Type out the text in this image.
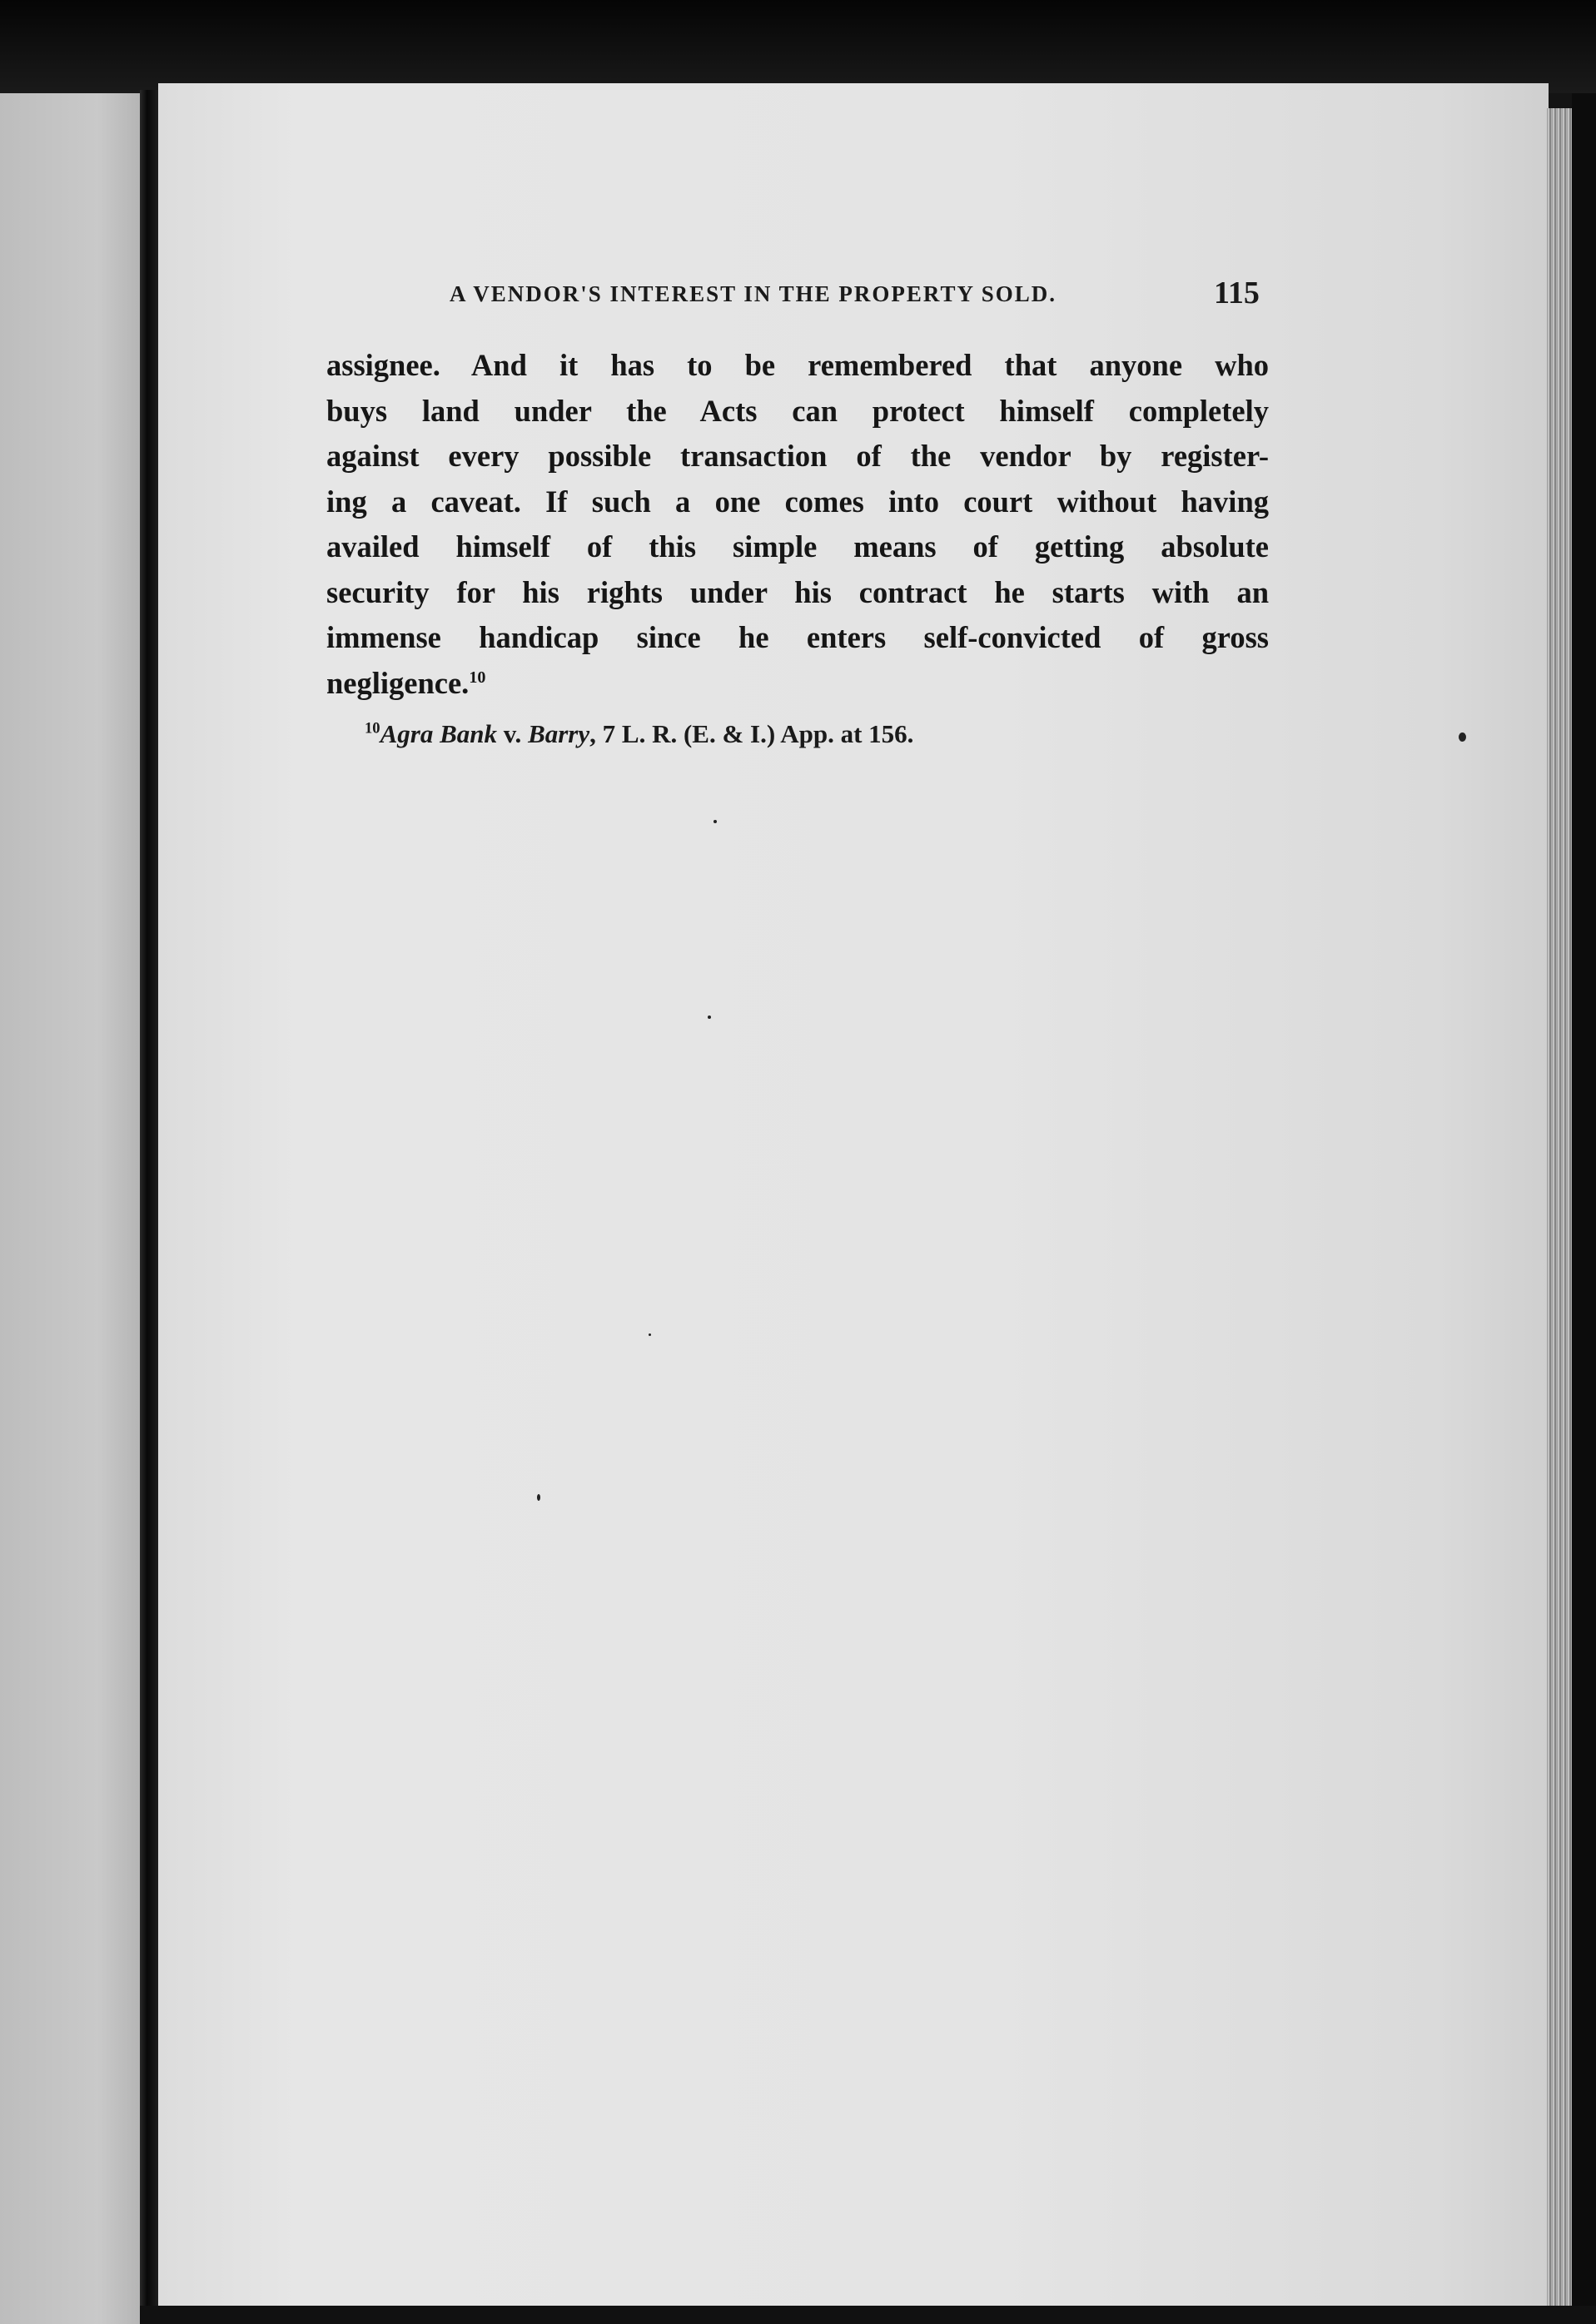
A VENDOR'S INTEREST IN THE PROPERTY SOLD.	115

assignee. And it has to be remembered that anyone who
buys land under the Acts can protect himself completely
against every possible transaction of the vendor by register-
ing a caveat. If such a one comes into court without having
availed himself of this simple means of getting absolute
security for his rights under his contract he starts with an
immense handicap since he enters self-convicted of gross
negligence.$^{10}$

$^{10}$Agra Bank v. Barry, 7 L. R. (E. & I.) App. at 156.
